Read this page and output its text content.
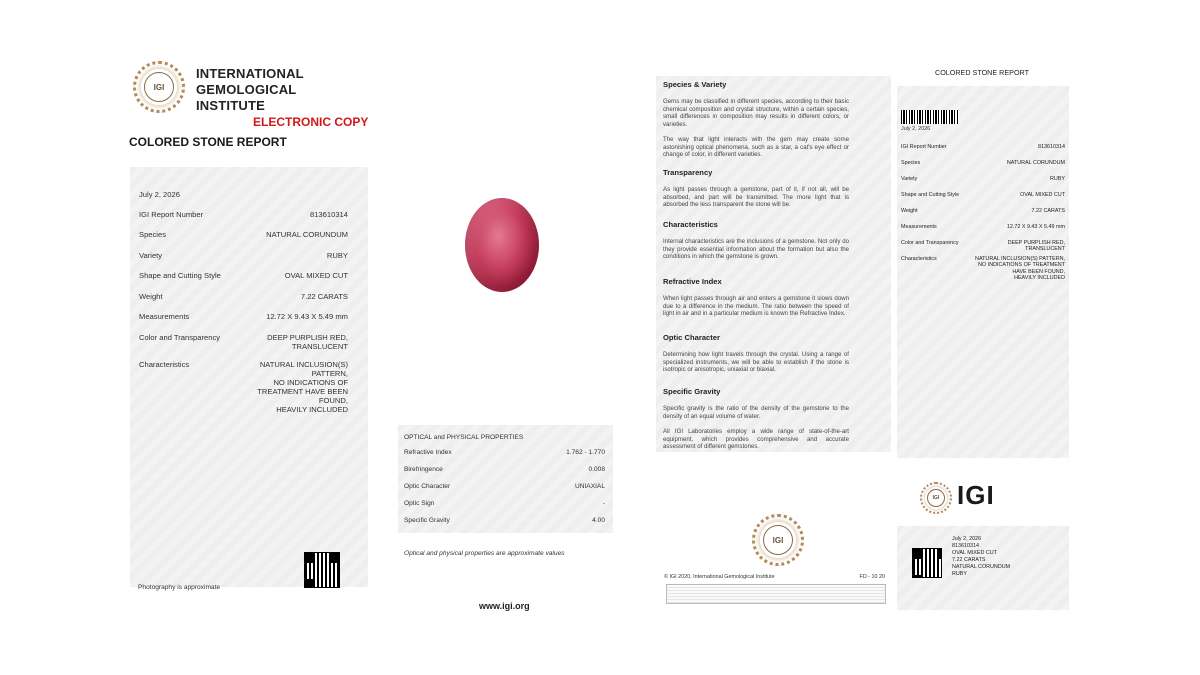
IGI
INTERNATIONAL
GEMOLOGICAL
INSTITUTE
ELECTRONIC COPY
COLORED STONE REPORT
July 2, 2026
IGI Report Number	813610314
Species	NATURAL CORUNDUM
Variety	RUBY
Shape and Cutting Style	OVAL MIXED CUT
Weight	7.22 CARATS
Measurements	12.72 X 9.43 X 5.49 mm
Color and Transparency	DEEP PURPLISH RED,
TRANSLUCENT
Characteristics	NATURAL INCLUSION(S)
PATTERN,
NO INDICATIONS OF
TREATMENT HAVE BEEN
FOUND,
HEAVILY INCLUDED
Photography is approximate
OPTICAL and PHYSICAL PROPERTIES
Refractive Index	1.762 - 1.770
Birefringence	0.008
Optic Character	UNIAXIAL
Optic Sign	-
Specific Gravity	4.00
Optical and physical properties are approximate values
www.igi.org
Species & Variety
Gems may be classified in different species, according to their basic chemical composition and crystal structure, within a certain species, small differences in composition may results in different colors, or varieties.
The way that light interacts with the gem may create some astonishing optical phenomena, such as a star, a cat's eye effect or change of color, in different varieties.
Transparency
As light passes through a gemstone, part of it, if not all, will be absorbed, and part will be transmitted. The more light that is absorbed the less transparent the stone will be.
Characteristics
Internal characteristics are the inclusions of a gemstone. Not only do they provide essential information about the formation but also the conditions in which the gemstone is grown.
Refractive Index
When light passes through air and enters a gemstone it slows down due to a difference in the medium. The ratio between the speed of light in air and in a particular medium is known the Refractive Index.
Optic Character
Determining how light travels through the crystal. Using a range of specialized instruments, we will be able to establish if the stone is isotropic or anisotropic, uniaxial or biaxial.
Specific Gravity
Specific gravity is the ratio of the density of the gemstone to the density of an equal volume of water.
All IGI Laboratories employ a wide range of state-of-the-art equipment, which provides comprehensive and accurate assessment of different gemstones.
IGI
© IGI 2020, International Gemological Institute	FD - 10 20
COLORED STONE REPORT
July 2, 2026
IGI Report Number	813610314
Species	NATURAL CORUNDUM
Variety	RUBY
Shape and Cutting Style	OVAL MIXED CUT
Weight	7.22 CARATS
Measurements	12.72 X 9.43 X 5.49 mm
Color and Transparency	DEEP PURPLISH RED,
TRANSLUCENT
Characteristics	NATURAL INCLUSION(S) PATTERN,
NO INDICATIONS OF TREATMENT
HAVE BEEN FOUND,
HEAVILY INCLUDED
IGI IGI
July 2, 2026
813610314
OVAL MIXED CUT
7.22 CARATS
NATURAL CORUNDUM
RUBY
